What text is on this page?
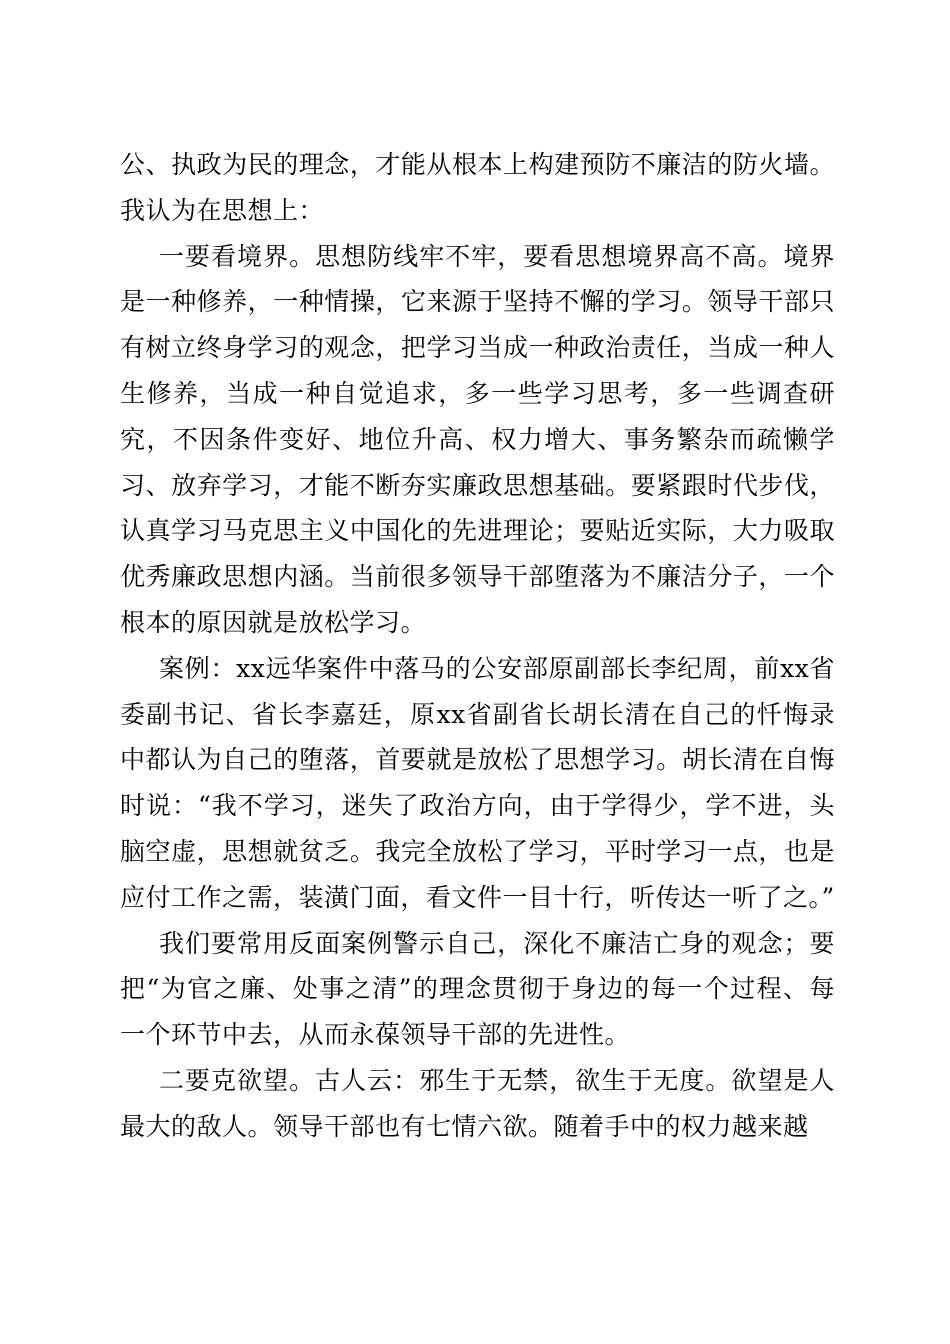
公、执政为民的理念，才能从根本上构建预防不廉洁的防火墙。我认为在思想上：

一要看境界。思想防线牢不牢，要看思想境界高不高。境界是一种修养，一种情操，它来源于坚持不懈的学习。领导干部只有树立终身学习的观念，把学习当成一种政治责任，当成一种人生修养，当成一种自觉追求，多一些学习思考，多一些调查研究，不因条件变好、地位升高、权力增大、事务繁杂而疏懒学习、放弃学习，才能不断夯实廉政思想基础。要紧跟时代步伐，认真学习马克思主义中国化的先进理论；要贴近实际，大力吸取优秀廉政思想内涵。当前很多领导干部堕落为不廉洁分子，一个根本的原因就是放松学习。

案例：xx远华案件中落马的公安部原副部长李纪周，前xx省委副书记、省长李嘉廷，原xx省副省长胡长清在自己的忏悔录中都认为自己的堕落，首要就是放松了思想学习。胡长清在自悔时说：“我不学习，迷失了政治方向，由于学得少，学不进，头脑空虚，思想就贫乏。我完全放松了学习，平时学习一点，也是应付工作之需，装潢门面，看文件一目十行，听传达一听了之。”

我们要常用反面案例警示自己，深化不廉洁亡身的观念；要把“为官之廉、处事之清”的理念贯彻于身边的每一个过程、每一个环节中去，从而永葆领导干部的先进性。

二要克欲望。古人云：邪生于无禁，欲生于无度。欲望是人最大的敌人。领导干部也有七情六欲。随着手中的权力越来越
